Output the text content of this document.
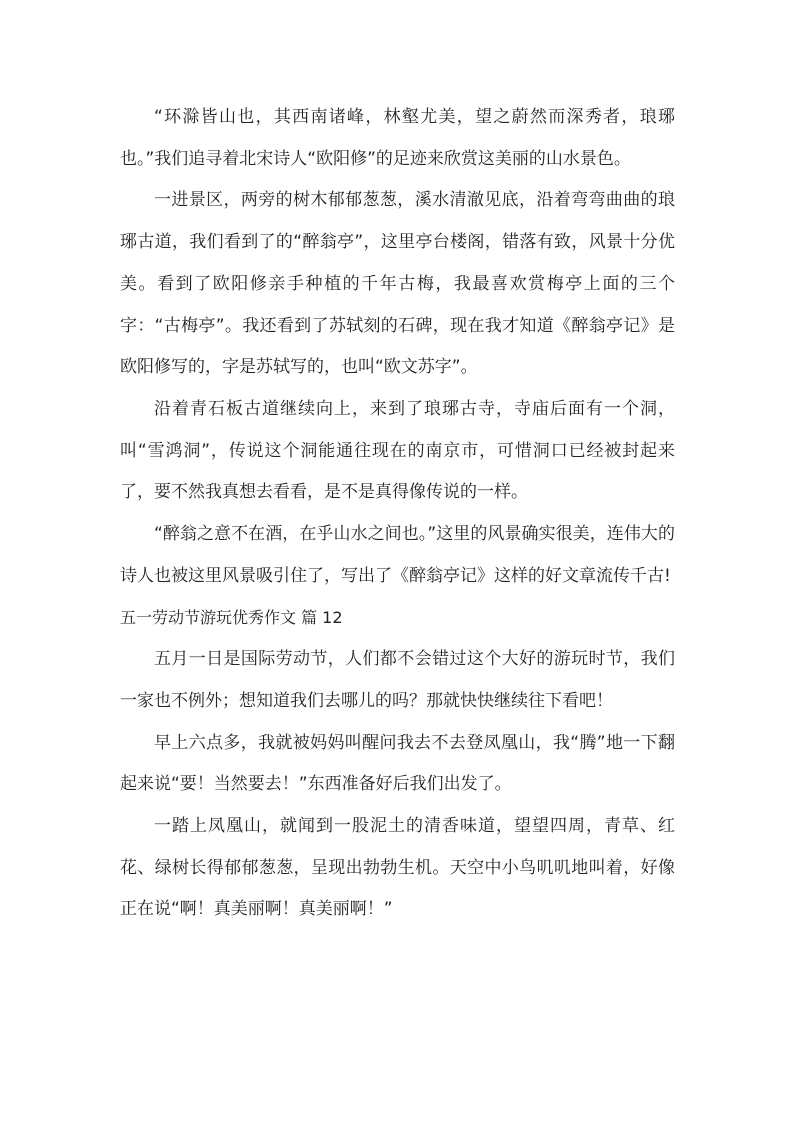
“环滁皆山也，其西南诸峰，林壑尤美，望之蔚然而深秀者，琅琊也。”我们追寻着北宋诗人“欧阳修”的足迹来欣赏这美丽的山水景色。

一进景区，两旁的树木郁郁葱葱，溪水清澈见底，沿着弯弯曲曲的琅琊古道，我们看到了的“醉翁亭”，这里亭台楼阁，错落有致，风景十分优美。看到了欧阳修亲手种植的千年古梅，我最喜欢赏梅亭上面的三个字：“古梅亭”。我还看到了苏轼刻的石碑，现在我才知道《醉翁亭记》是欧阳修写的，字是苏轼写的，也叫“欧文苏字”。

沿着青石板古道继续向上，来到了琅琊古寺，寺庙后面有一个洞，叫“雪鸿洞”，传说这个洞能通往现在的南京市，可惜洞口已经被封起来了，要不然我真想去看看，是不是真得像传说的一样。

“醉翁之意不在酒，在乎山水之间也。”这里的风景确实很美，连伟大的诗人也被这里风景吸引住了，写出了《醉翁亭记》这样的好文章流传千古!

五一劳动节游玩优秀作文 篇 12

五月一日是国际劳动节，人们都不会错过这个大好的游玩时节，我们一家也不例外；想知道我们去哪儿的吗？那就快快继续往下看吧！

早上六点多，我就被妈妈叫醒问我去不去登凤凰山，我“腾”地一下翻起来说“要！当然要去！”东西准备好后我们出发了。

一踏上凤凰山，就闻到一股泥土的清香味道，望望四周，青草、红花、绿树长得郁郁葱葱，呈现出勃勃生机。天空中小鸟叽叽地叫着，好像正在说“啊！真美丽啊！真美丽啊！”
